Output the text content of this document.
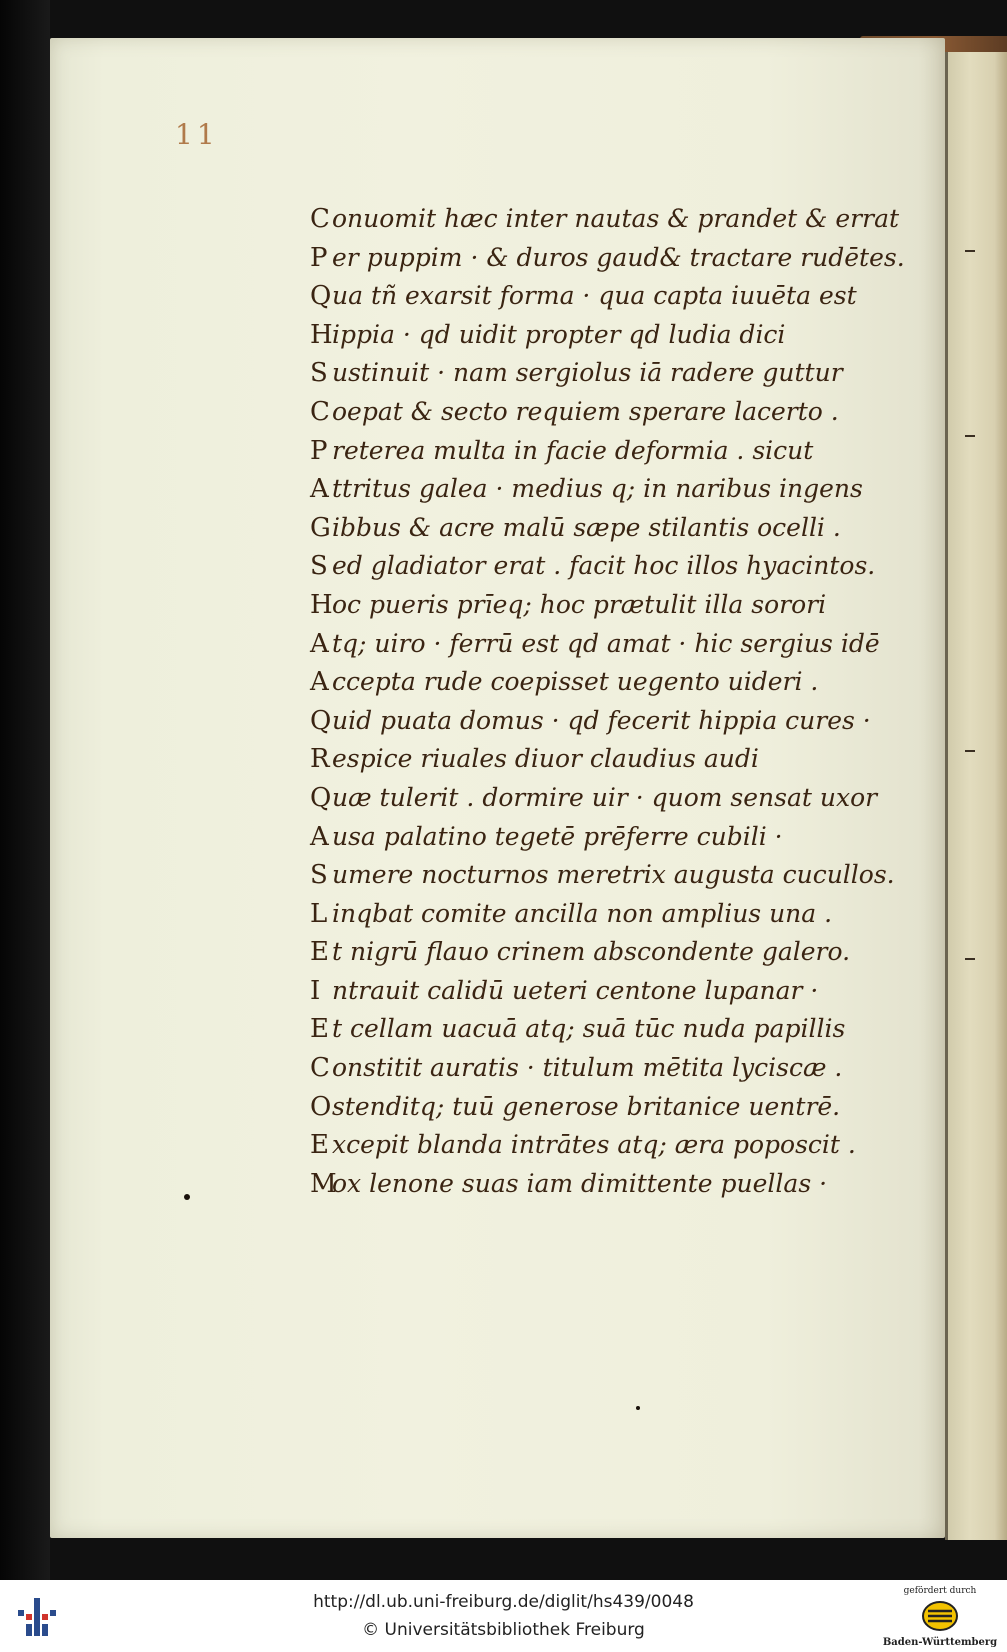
11
Conuomit hæc inter nautas & prandet & errat
P er puppim · & duros gaud& tractare rudētes.
Qua tñ exarsit forma · qua capta iuuēta est
Hippia · qd uidit propter qd ludia dici
S ustinuit · nam sergiolus iā radere guttur
Coepat & secto requiem sperare lacerto .
P reterea multa in facie deformia . sicut
A ttritus galea · medius q; in naribus ingens
Gibbus & acre malū sæpe stilantis ocelli .
S ed gladiator erat . facit hoc illos hyacintos.
Hoc pueris prīeq; hoc prætulit illa sorori
A tq; uiro · ferrū est qd amat · hic sergius idē
A ccepta rude coepisset uegento uideri .
Quid puata domus · qd fecerit hippia cures ·
Respice riuales diuor claudius audi
Quæ tulerit . dormire uir · quom sensat uxor
A usa palatino tegetē prēferre cubili ·
S umere nocturnos meretrix augusta cucullos.
L inqbat comite ancilla non amplius una .
E t nigrū flauo crinem abscondente galero.
I ntrauit calidū ueteri centone lupanar ·
E t cellam uacuā atq; suā tūc nuda papillis
Constitit auratis · titulum mētita lyciscæ .
Ostenditq; tuū generose britanice uentrē.
E xcepit blanda intrātes atq; æra poposcit .
Mox lenone suas iam dimittente puellas ·
http://dl.ub.uni-freiburg.de/diglit/hs439/0048
© Universitätsbibliothek Freiburg
gefördert durch
Baden-Württemberg
